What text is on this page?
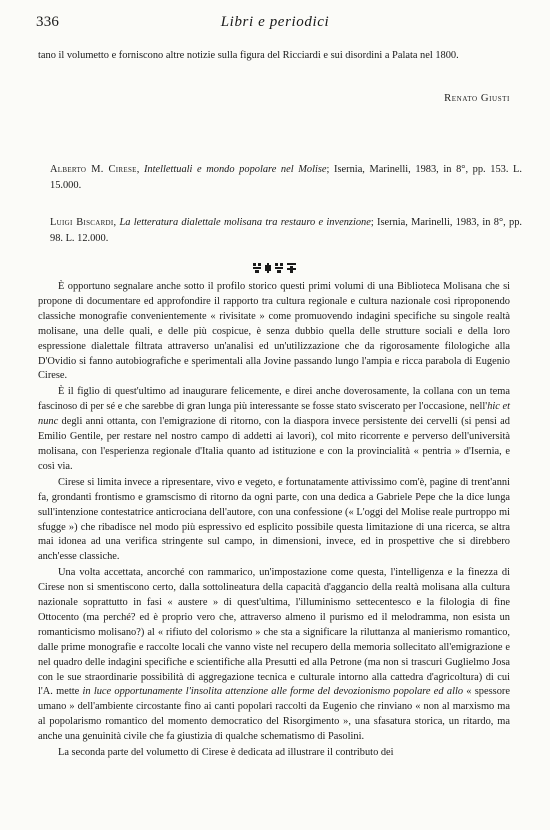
336	Libri e periodici
tano il volumetto e forniscono altre notizie sulla figura del Ricciardi e sui disordini a Palata nel 1800.
Renato Giusti
Alberto M. Cirese, Intellettuali e mondo popolare nel Molise; Isernia, Marinelli, 1983, in 8°, pp. 153. L. 15.000.
Luigi Biscardi, La letteratura dialettale molisana tra restauro e invenzione; Isernia, Marinelli, 1983, in 8°, pp. 98. L. 12.000.

È opportuno segnalare anche sotto il profilo storico questi primi volumi di una Biblioteca Molisana che si propone di documentare ed approfondire il rapporto tra cultura regionale e cultura nazionale così riproponendo classiche monografie convenientemente « rivisitate » come promuovendo indagini specifiche su singole realtà molisane, una delle quali, e delle più cospicue, è senza dubbio quella delle strutture sociali e della loro espressione dialettale filtrata attraverso un'analisi ed un'utilizzazione che da rigorosamente filologiche alla D'Ovidio si fanno autobiografiche e sperimentali alla Jovine passando lungo l'ampia e ricca parabola di Eugenio Cirese.

È il figlio di quest'ultimo ad inaugurare felicemente, e direi anche doverosamente, la collana con un tema fascinoso di per sé e che sarebbe di gran lunga più interessante se fosse stato sviscerato per l'occasione, nell'hic et nunc degli anni ottanta, con l'emigrazione di ritorno, con la diaspora invece persistente dei cervelli (si pensi ad Emilio Gentile, per restare nel nostro campo di addetti ai lavori), col mito ricorrente e perverso dell'università molisana, con l'esperienza regionale d'Italia quanto ad istituzione e con la provincialità « pentria » d'Isernia, e così via.

Cirese si limita invece a ripresentare, vivo e vegeto, e fortunatamente attivissimo com'è, pagine di trent'anni fa, grondanti frontismo e gramscismo di ritorno da ogni parte, con una dedica a Gabriele Pepe che la dice lunga sull'intenzione contestatrice anticrociana dell'autore, con una confessione (« L'oggi del Molise reale purtroppo mi sfugge ») che ribadisce nel modo più espressivo ed esplicito possibile questa limitazione di una ricerca, se altra mai idonea ad una verifica stringente sul campo, in dimensioni, invece, ed in prospettive che si direbbero anch'esse classiche.

Una volta accettata, ancorché con rammarico, un'impostazione come questa, l'intelligenza e la finezza di Cirese non si smentiscono certo, dalla sottolineatura della capacità d'aggancio della realtà molisana alla cultura nazionale soprattutto in fasi « austere » di quest'ultima, l'illuminismo settecentesco e la filologia di fine Ottocento (ma perché? ed è proprio vero che, attraverso almeno il purismo ed il melodramma, non esista un romanticismo molisano?) al « rifiuto del colorismo » che sta a significare la riluttanza al manierismo romantico, dalle prime monografie e raccolte locali che vanno viste nel recupero della memoria sollecitato all'emigrazione e nel quadro delle indagini specifiche e scientifiche alla Presutti ed alla Petrone (ma non si trascuri Guglielmo Josa con le sue straordinarie possibilità di aggregazione tecnica e culturale intorno alla cattedra d'agricoltura) di cui l'A. mette in luce opportunamente l'insolita attenzione alle forme del devozionismo popolare ed allo « spessore umano » dell'ambiente circostante fino ai canti popolari raccolti da Eugenio che rinviano « non al marxismo ma al popolarismo romantico del momento democratico del Risorgimento », una sfasatura storica, un ritardo, ma anche una genuinità civile che fa giustizia di qualche schematismo di Pasolini.

La seconda parte del volumetto di Cirese è dedicata ad illustrare il contributo dei
